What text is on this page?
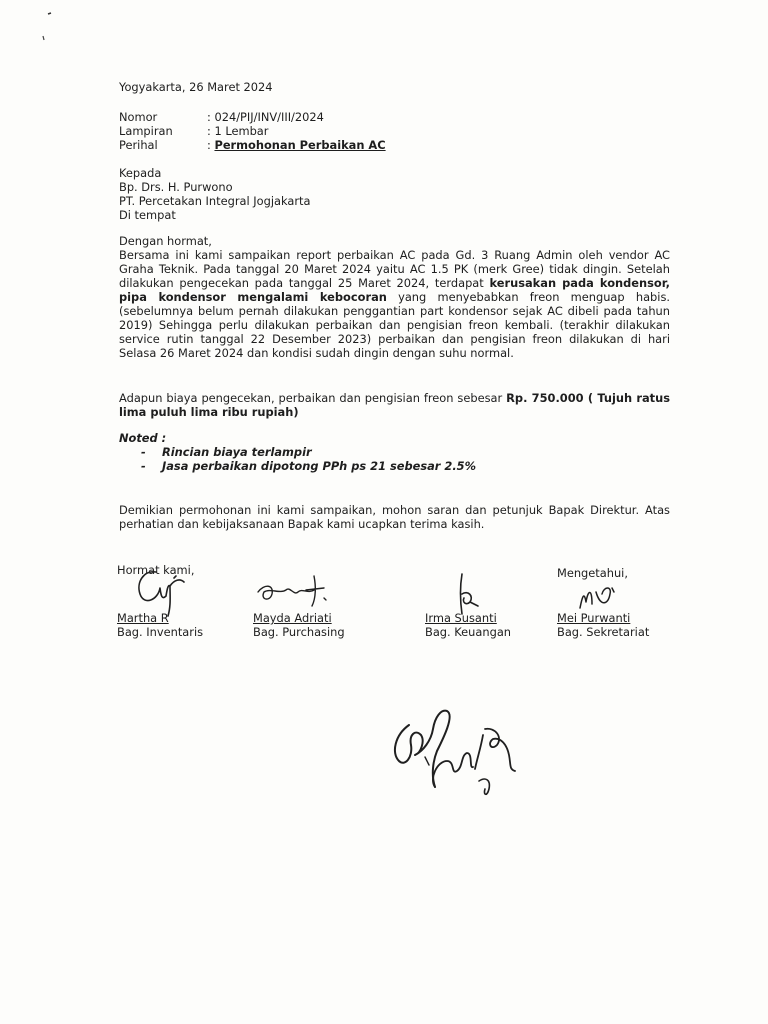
Yogyakarta, 26 Maret 2024
Nomor	: 024/PIJ/INV/III/2024
Lampiran	: 1 Lembar
Perihal	: Permohonan Perbaikan AC
Kepada
Bp. Drs. H. Purwono
PT. Percetakan Integral Jogjakarta
Di tempat
Dengan hormat,
Bersama ini kami sampaikan report perbaikan AC pada Gd. 3 Ruang Admin oleh vendor AC Graha Teknik. Pada tanggal 20 Maret 2024 yaitu AC 1.5 PK (merk Gree) tidak dingin. Setelah dilakukan pengecekan pada tanggal 25 Maret 2024, terdapat kerusakan pada kondensor, pipa kondensor mengalami kebocoran yang menyebabkan freon menguap habis. (sebelumnya belum pernah dilakukan penggantian part kondensor sejak AC dibeli pada tahun 2019) Sehingga perlu dilakukan perbaikan dan pengisian freon kembali. (terakhir dilakukan service rutin tanggal 22 Desember 2023) perbaikan dan pengisian freon dilakukan di hari Selasa 26 Maret 2024 dan kondisi sudah dingin dengan suhu normal.
Adapun biaya pengecekan, perbaikan dan pengisian freon sebesar Rp. 750.000 ( Tujuh ratus lima puluh lima ribu rupiah)
Noted :
- Rincian biaya terlampir
- Jasa perbaikan dipotong PPh ps 21 sebesar 2.5%
Demikian permohonan ini kami sampaikan, mohon saran dan petunjuk Bapak Direktur. Atas perhatian dan kebijaksanaan Bapak kami ucapkan terima kasih.
Hormat kami,	Mengetahui,
Martha R
Bag. Inventaris
Mayda Adriati
Bag. Purchasing
Irma Susanti
Bag. Keuangan
Mei Purwanti
Bag. Sekretariat
